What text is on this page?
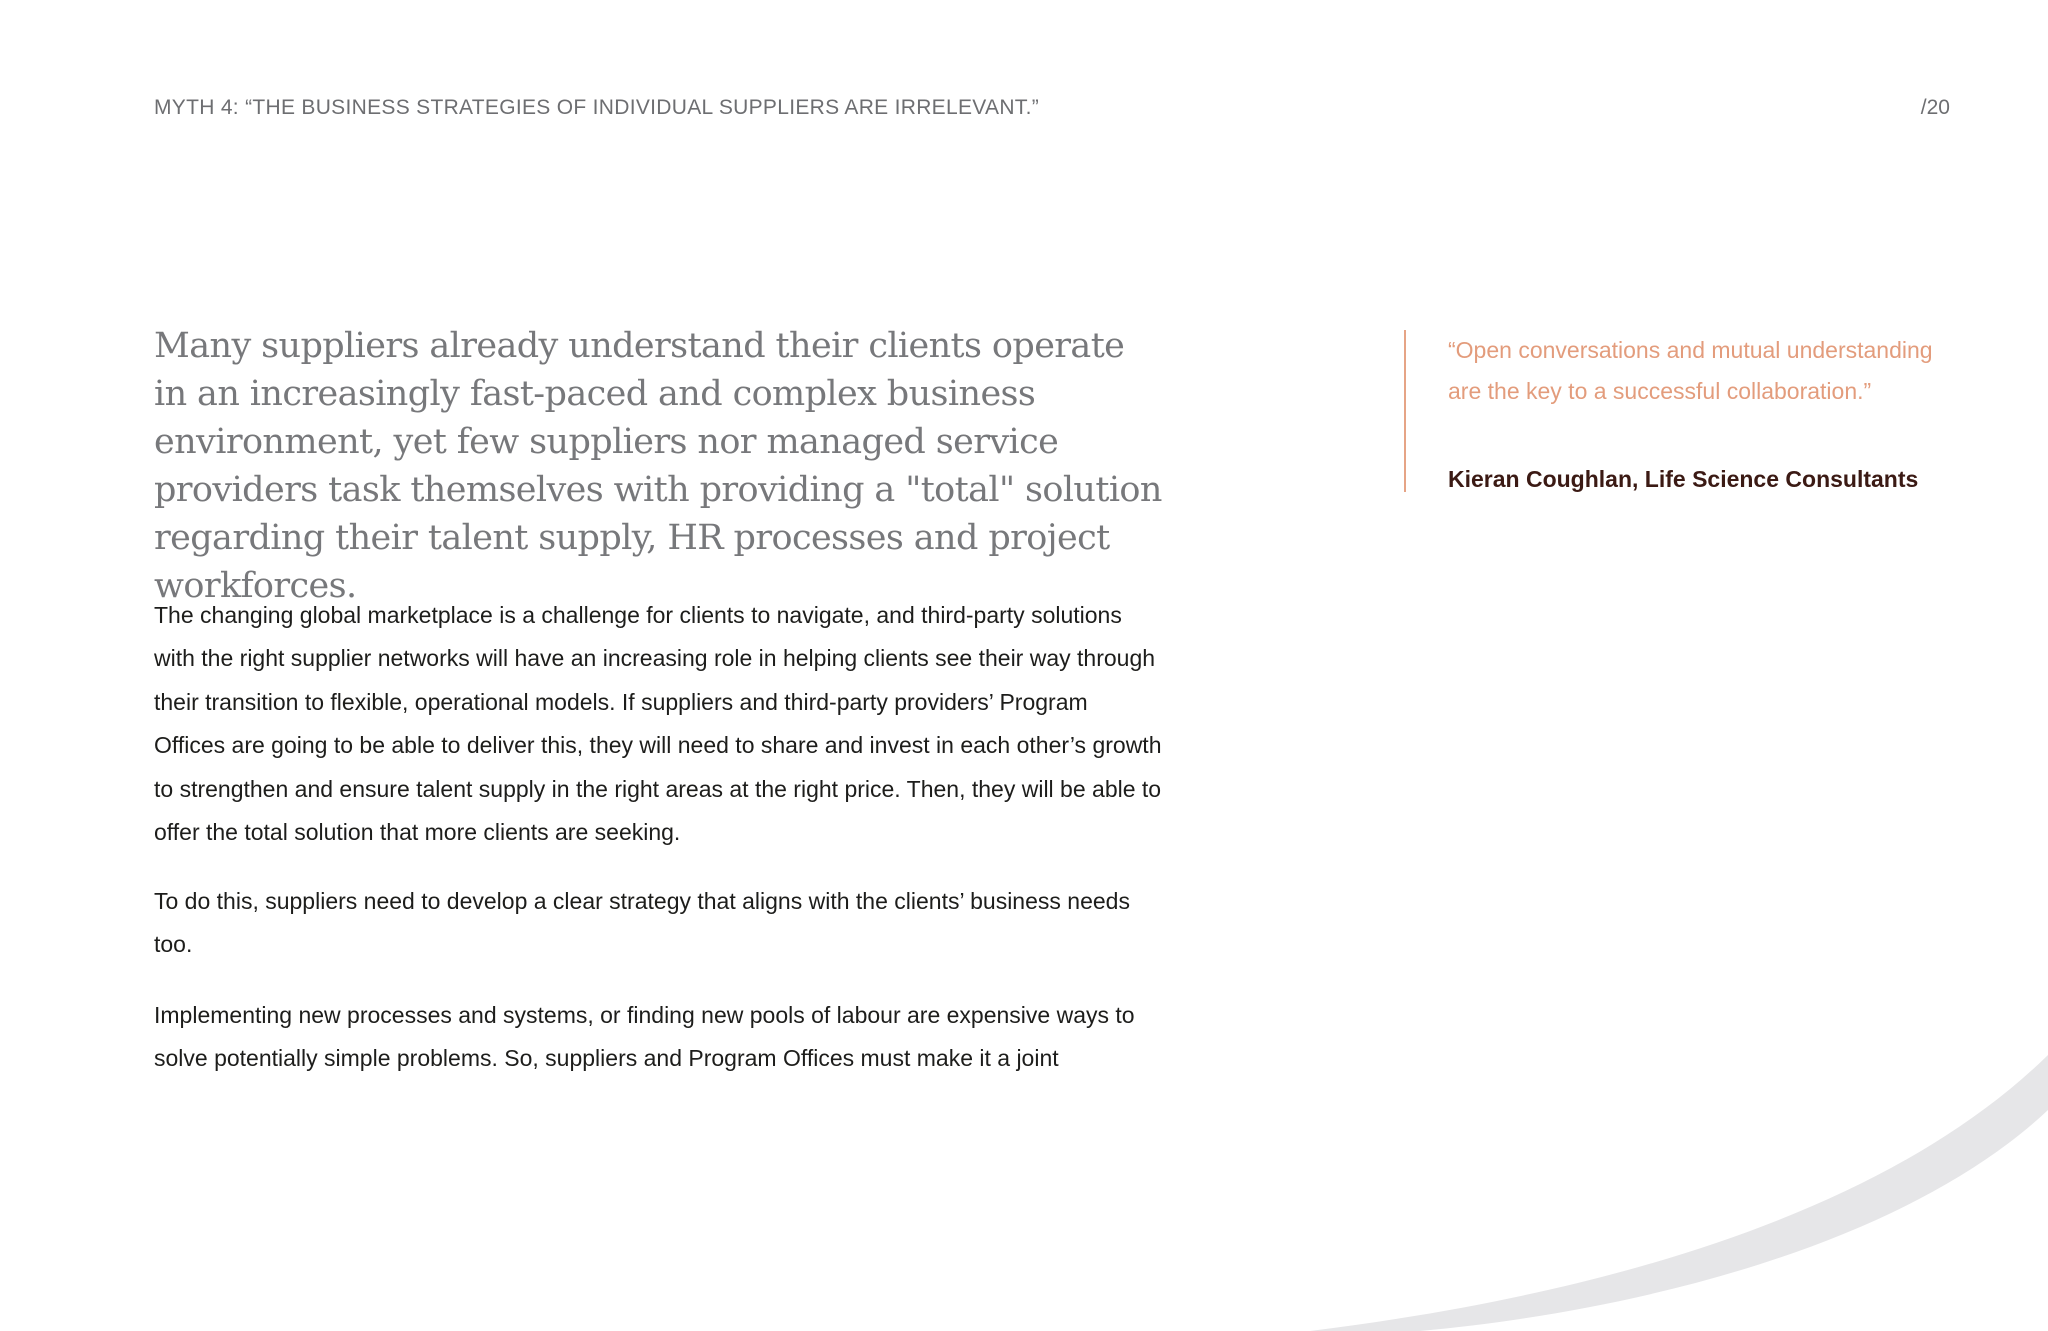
MYTH 4: “THE BUSINESS STRATEGIES OF INDIVIDUAL SUPPLIERS ARE IRRELEVANT.”	/20

Many suppliers already understand their clients operate in an increasingly fast-paced and complex business environment, yet few suppliers nor managed service providers task themselves with providing a "total" solution regarding their talent supply, HR processes and project workforces.

The changing global marketplace is a challenge for clients to navigate, and third-party solutions with the right supplier networks will have an increasing role in helping clients see their way through their transition to flexible, operational models. If suppliers and third-party providers’ Program Offices are going to be able to deliver this, they will need to share and invest in each other’s growth to strengthen and ensure talent supply in the right areas at the right price. Then, they will be able to offer the total solution that more clients are seeking.

To do this, suppliers need to develop a clear strategy that aligns with the clients’ business needs too.

Implementing new processes and systems, or finding new pools of labour are expensive ways to solve potentially simple problems. So, suppliers and Program Offices must make it a joint

“Open conversations and mutual understanding are the key to a successful collaboration.”

Kieran Coughlan, Life Science Consultants
